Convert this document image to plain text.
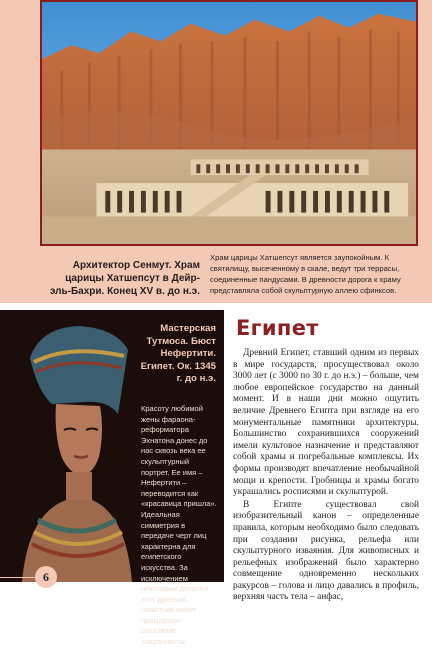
Архитектор Сенмут. Храм царицы Хатшепсут в Дейр-эль-Бахри. Конец XV в. до н.э.
Храм царицы Хатшепсут является заупокойным. К святилищу, высеченному в скале, ведут три террасы, соединенные пандусами. В древности дорога к храму представляла собой скульптурную аллею сфинксов.
Мастерская Тутмоса. Бюст Нефертити. Египет. Ок. 1345 г. до н.э.
Красоту любимой жены фараона-реформатора Эхнатона донес до нас сквозь века ее скульптурный портрет. Ее имя – Нефертити – переводится как «красавица пришла». Идеальная симметрия в передаче черт лиц характерна для египетского искусства. За исключением некоторых деталей этот древний памятник имеет прекрасное состояние сохранности.
Египет

Древний Египет, ставший одним из первых в мире государств, просуществовал около 3000 лет (с 3000 по 30 г. до н.э.) – больше, чем любое европейское государство на данный момент. И в наши дни можно ощутить величие Древнего Египта при взгляде на его монументальные памятники архитектуры. Большинство сохранившихся сооружений имели культовое назначение и представляют собой храмы и погребальные комплексы. Их формы производят впечатление необычайной мощи и крепости. Гробницы и храмы богато украшались росписями и скульптурой.

В Египте существовал свой изобразительный канон – определенные правила, которым необходимо было следовать при создании рисунка, рельефа или скульптурного изваяния. Для живописных и рельефных изображений было характерно совмещение одновременно нескольких ракурсов – голова и лицо давались в профиль, верхняя часть тела – анфас,

6
